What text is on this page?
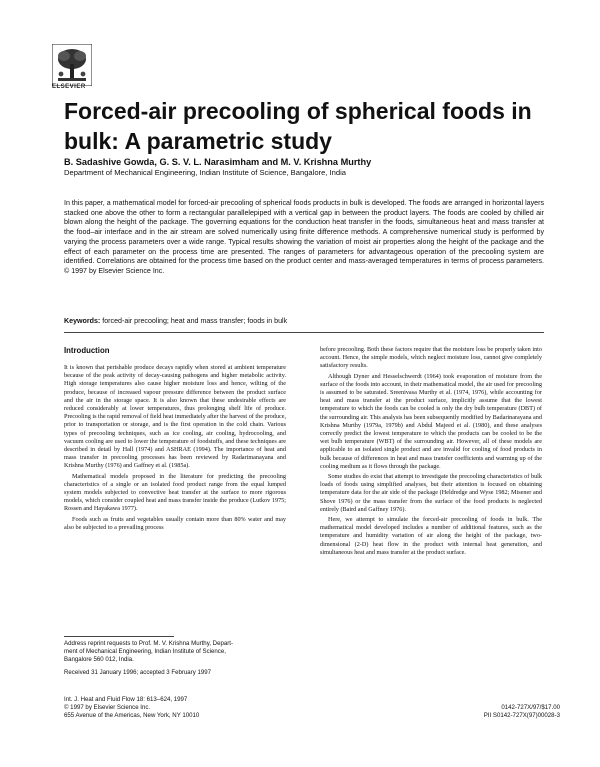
ELSEVIER
Forced-air precooling of spherical foods in bulk: A parametric study
B. Sadashive Gowda, G. S. V. L. Narasimham and M. V. Krishna Murthy
Department of Mechanical Engineering, Indian Institute of Science, Bangalore, India

In this paper, a mathematical model for forced-air precooling of spherical foods products in bulk is developed. The foods are arranged in horizontal layers stacked one above the other to form a rectangular parallelepiped with a vertical gap in between the product layers. The foods are cooled by chilled air blown along the height of the package. The governing equations for the conduction heat transfer in the foods, simultaneous heat and mass transfer at the food–air interface and in the air stream are solved numerically using finite difference methods. A comprehensive numerical study is performed by varying the process parameters over a wide range. Typical results showing the variation of moist air properties along the height of the package and the effect of each parameter on the process time are presented. The ranges of parameters for advantageous operation of the precooling system are identified. Correlations are obtained for the process time based on the product center and mass-averaged temperatures in terms of process parameters. © 1997 by Elsevier Science Inc.

Keywords: forced-air precooling; heat and mass transfer; foods in bulk
Introduction

It is known that perishable produce decays rapidly when stored at ambient temperature because of the peak activity of decay-causing pathogens and higher metabolic activity. High storage temperatures also cause higher moisture loss and hence, wilting of the produce, because of increased vapour pressure difference between the product surface and the air in the storage space. It is also known that these undesirable effects are reduced considerably at lower temperatures, thus prolonging shelf life of produce. Precooling is the rapid removal of field heat immediately after the harvest of the produce, prior to transportation or storage, and is the first operation in the cold chain. Various types of precooling techniques, such as ice cooling, air cooling, hydrocooling, and vacuum cooling are used to lower the temperature of foodstuffs, and these techniques are described in detail by Hall (1974) and ASHRAE (1994). The importance of heat and mass transfer in precooling processes has been reviewed by Radarimanayana and Krishna Murthy (1976) and Gaffney et al. (1985a).

Mathematical models proposed in the literature for predicting the precooling characteristics of a single or an isolated food product range from the equal lumped system models subjected to convective heat transfer at the surface to more rigorous models, which consider coupled heat and mass transfer inside the produce (Lutkov 1975; Rossen and Hayakawa 1977).

Foods such as fruits and vegetables usually contain more than 80% water and may also be subjected to a prevailing process

before precooling. Both these factors require that the moisture loss be properly taken into account. Hence, the simple models, which neglect moisture loss, cannot give completely satisfactory results.

Although Dyner and Hesselschwerdt (1964) took evaporation of moisture from the surface of the foods into account, in their mathematical model, the air used for precooling is assumed to be saturated. Sreenivasa Murthy et al. (1974, 1976), while accounting for heat and mass transfer at the product surface, implicitly assume that the lowest temperature to which the foods can be cooled is only the dry bulb temperature (DBT) of the surrounding air. This analysis has been subsequently modified by Badarinarayana and Krishna Murthy (1979a, 1979b) and Abdul Majeed et al. (1980), and these analyses correctly predict the lowest temperature to which the products can be cooled to be the wet bulb temperature (WBT) of the surrounding air. However, all of these models are applicable to an isolated single product and are invalid for cooling of food products in bulk because of differences in heat and mass transfer coefficients and warming up of the cooling medium as it flows through the package.

Some studies do exist that attempt to investigate the precooling characteristics of bulk loads of foods using simplified analyses, but their attention is focused on obtaining temperature data for the air side of the package (Heldredge and Wyse 1982; Misener and Shove 1976) or the mass transfer from the surface of the food products is neglected entirely (Baird and Gaffney 1976).

Here, we attempt to simulate the forced-air precooling of foods in bulk. The mathematical model developed includes a number of additional features, such as the temperature and humidity variation of air along the height of the package, two-dimensional (2-D) heat flow in the product with internal heat generation, and simultaneous heat and mass transfer at the product surface.

Address reprint requests to Prof. M. V. Krishna Murthy, Depart-
ment of Mechanical Engineering, Indian Institute of Science,
Bangalore 560 012, India.
Received 31 January 1996; accepted 3 February 1997
Int. J. Heat and Fluid Flow 18: 613–624, 1997
© 1997 by Elsevier Science Inc.
655 Avenue of the Americas, New York, NY 10010
0142-727X/97/$17.00
PII S0142-727X(97)00028-3
